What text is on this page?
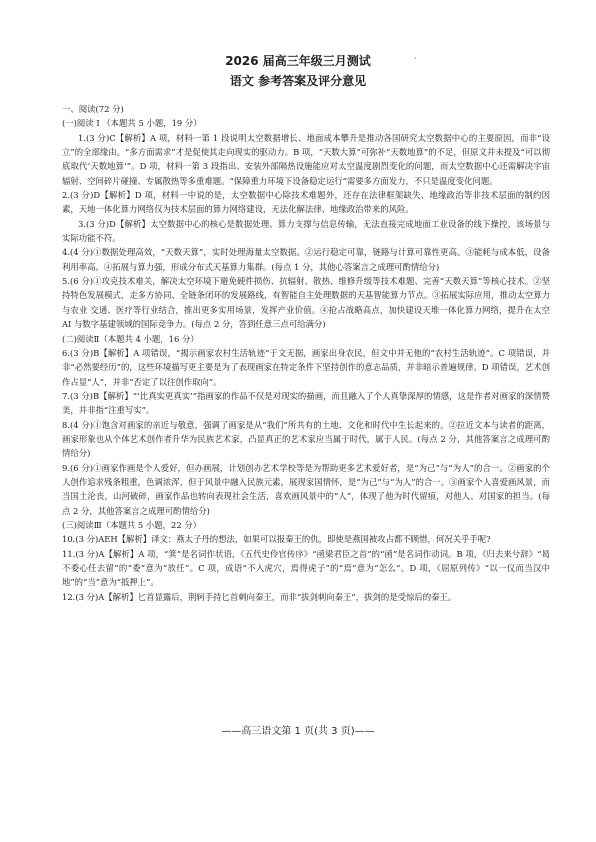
2026 届高三年级三月测试	·
语文 参考答案及评分意见

一、阅读(72 分)

(一)阅读 Ⅰ （本题共 5 小题，19 分）

1.(3 分)C【解析】A 项，材料一第 1 段说明太空数据增长、地面成本攀升是推动各国研究太空数据中心的主要原因，而非“设立”的全部缘由。“多方面需求”才是促使其走向现实的驱动力。B 项，“天数大算”可弥补“天数地算”的不足，但原文并未提及“可以彻底取代‘天数地算’”。D 项，材料一第 3 段指出、安装外部隔热设施能应对太空温度剧烈变化的问题，而太空数据中心还需解决宇宙辐射、空间碎片碰撞、专属散热等多重难题。“保障重力环境下设备稳定运行”需要多方面发力，不只是温度变化问题。

2.(3 分)D【解析】D 项，材料一中说的是，太空数据中心除技术难题外，还存在法律框架缺失、地缘政治等非技术层面的制约因素，天地一体化算力网络仅为技术层面的算力网络建设，无法化解法律、地缘政治带来的风险。

3.(3 分)D【解析】太空数据中心的核心是数据处理、算力支撑与信息传输，无法直接完成地面工业设备的线下操控，该场景与实际功能不符。

4.(4 分)①数据处理高效，“天数天算”，实时处理海量太空数据。②运行稳定可靠，链路与计算可靠性更高。③能耗与成本低，设备利用率高。④拓展与算力强，形成分布式天基算力集群。(每点 1 分，其他心答案言之成理可酌情给分)

5.(6 分)①攻克技术难关，解决太空环境下避免硬件损伤、抗辐射、散热、维修升级等技术难题、完善“天数天算”等核心技术。②坚持特色发展模式，走多方协同、全链条闭环的发展路线，有智能自主处理数据的天基智能算力节点。③拓展实际应用，推动太空算力与农业 交通、医疗等行业结合，推出更多实用场景，发挥产业价值。④抢占战略高点，加快建设天堆一体化算力网络，提升在太空 AI 与数字基建领域的国际竞争力。(每点 2 分，答到任意三点可给满分)

(二)阅读Ⅱ（本题共 4 小题，16 分）

6.(3 分)B【解析】A 项错误，“揭示画家农村生活轨迹”于文无据，画家出身农民，但文中并无他的“农村生活轨迹”。C 项错误，并非“必然要经历”的，这些环境描写更主要是为了表现画家在特定条件下坚持创作的意志品质，并非暗示普遍规律。D 项错误，艺术创作占显“人”，并非“否定了以往创作取向”。

7.(3 分)B【解析】“‘比真实更真实’”指画家的作品不仅是对现实的描画，而且融入了个人真挚深厚的情感，这是作者对画家的深情赞美，并非指“注重写实”。

8.(4 分)①饱含对画家的亲近与敬意，强调了画家是从“我们”所共有的土地、文化和时代中生长起来的。②拉近文本与读者的距离，画家形象也从个体艺术创作者升华为民族艺术家，凸显真正的艺术家应当属于时代，属于人民。(每点 2 分，其他答案言之成理可酌情给分)

9.(6 分)①画家作画是个人爱好，但办画展，计划创办艺术学校等是为帮助更多艺术爱好者，是“为己”与“为人”的合一。②画家的个人创作追求残条粗重，色调浓浑，但于风景中融入民族元素，展现家国情怀，是“为己”与“为人”的合一。③画家个人喜爱画风景，而当国土沦丧，山河破碎，画家作品也转向表现社会生活，喜欢画风景中的“人”，体现了他为时代留痕，对他人、对国家的担当。(每点 2 分，其他答案言之成理可酌情给分)

(三)阅读Ⅲ（本题共 5 小题，22 分）

10.(3 分)AEH【解析】译文：燕太子丹的想法，如果可以报秦王的仇，即使是燕国被攻占都不顾惜，何况关乎手呢?

11.(3 分)A【解析】A 项，“箕”是名词作状语，《五代史伶官传序》“函梁君臣之首”的“函”是名词作动词。B 项，《归去来兮辞》“曷不委心任去留”的“委”意为“放任”。C 项，成语“不入虎穴，焉得虎子”的“焉”意为“怎么”。D 项，《屈原列传》“以一仪而当汉中地”的“当”意为“抵押上”。

12.(3 分)A【解析】匕首显露后，荆轲手持匕首刺向秦王，而非“拔剑刺向秦王”，拔剑的是受惊后的秦王。

——高三语文第 1 页(共 3 页)——
